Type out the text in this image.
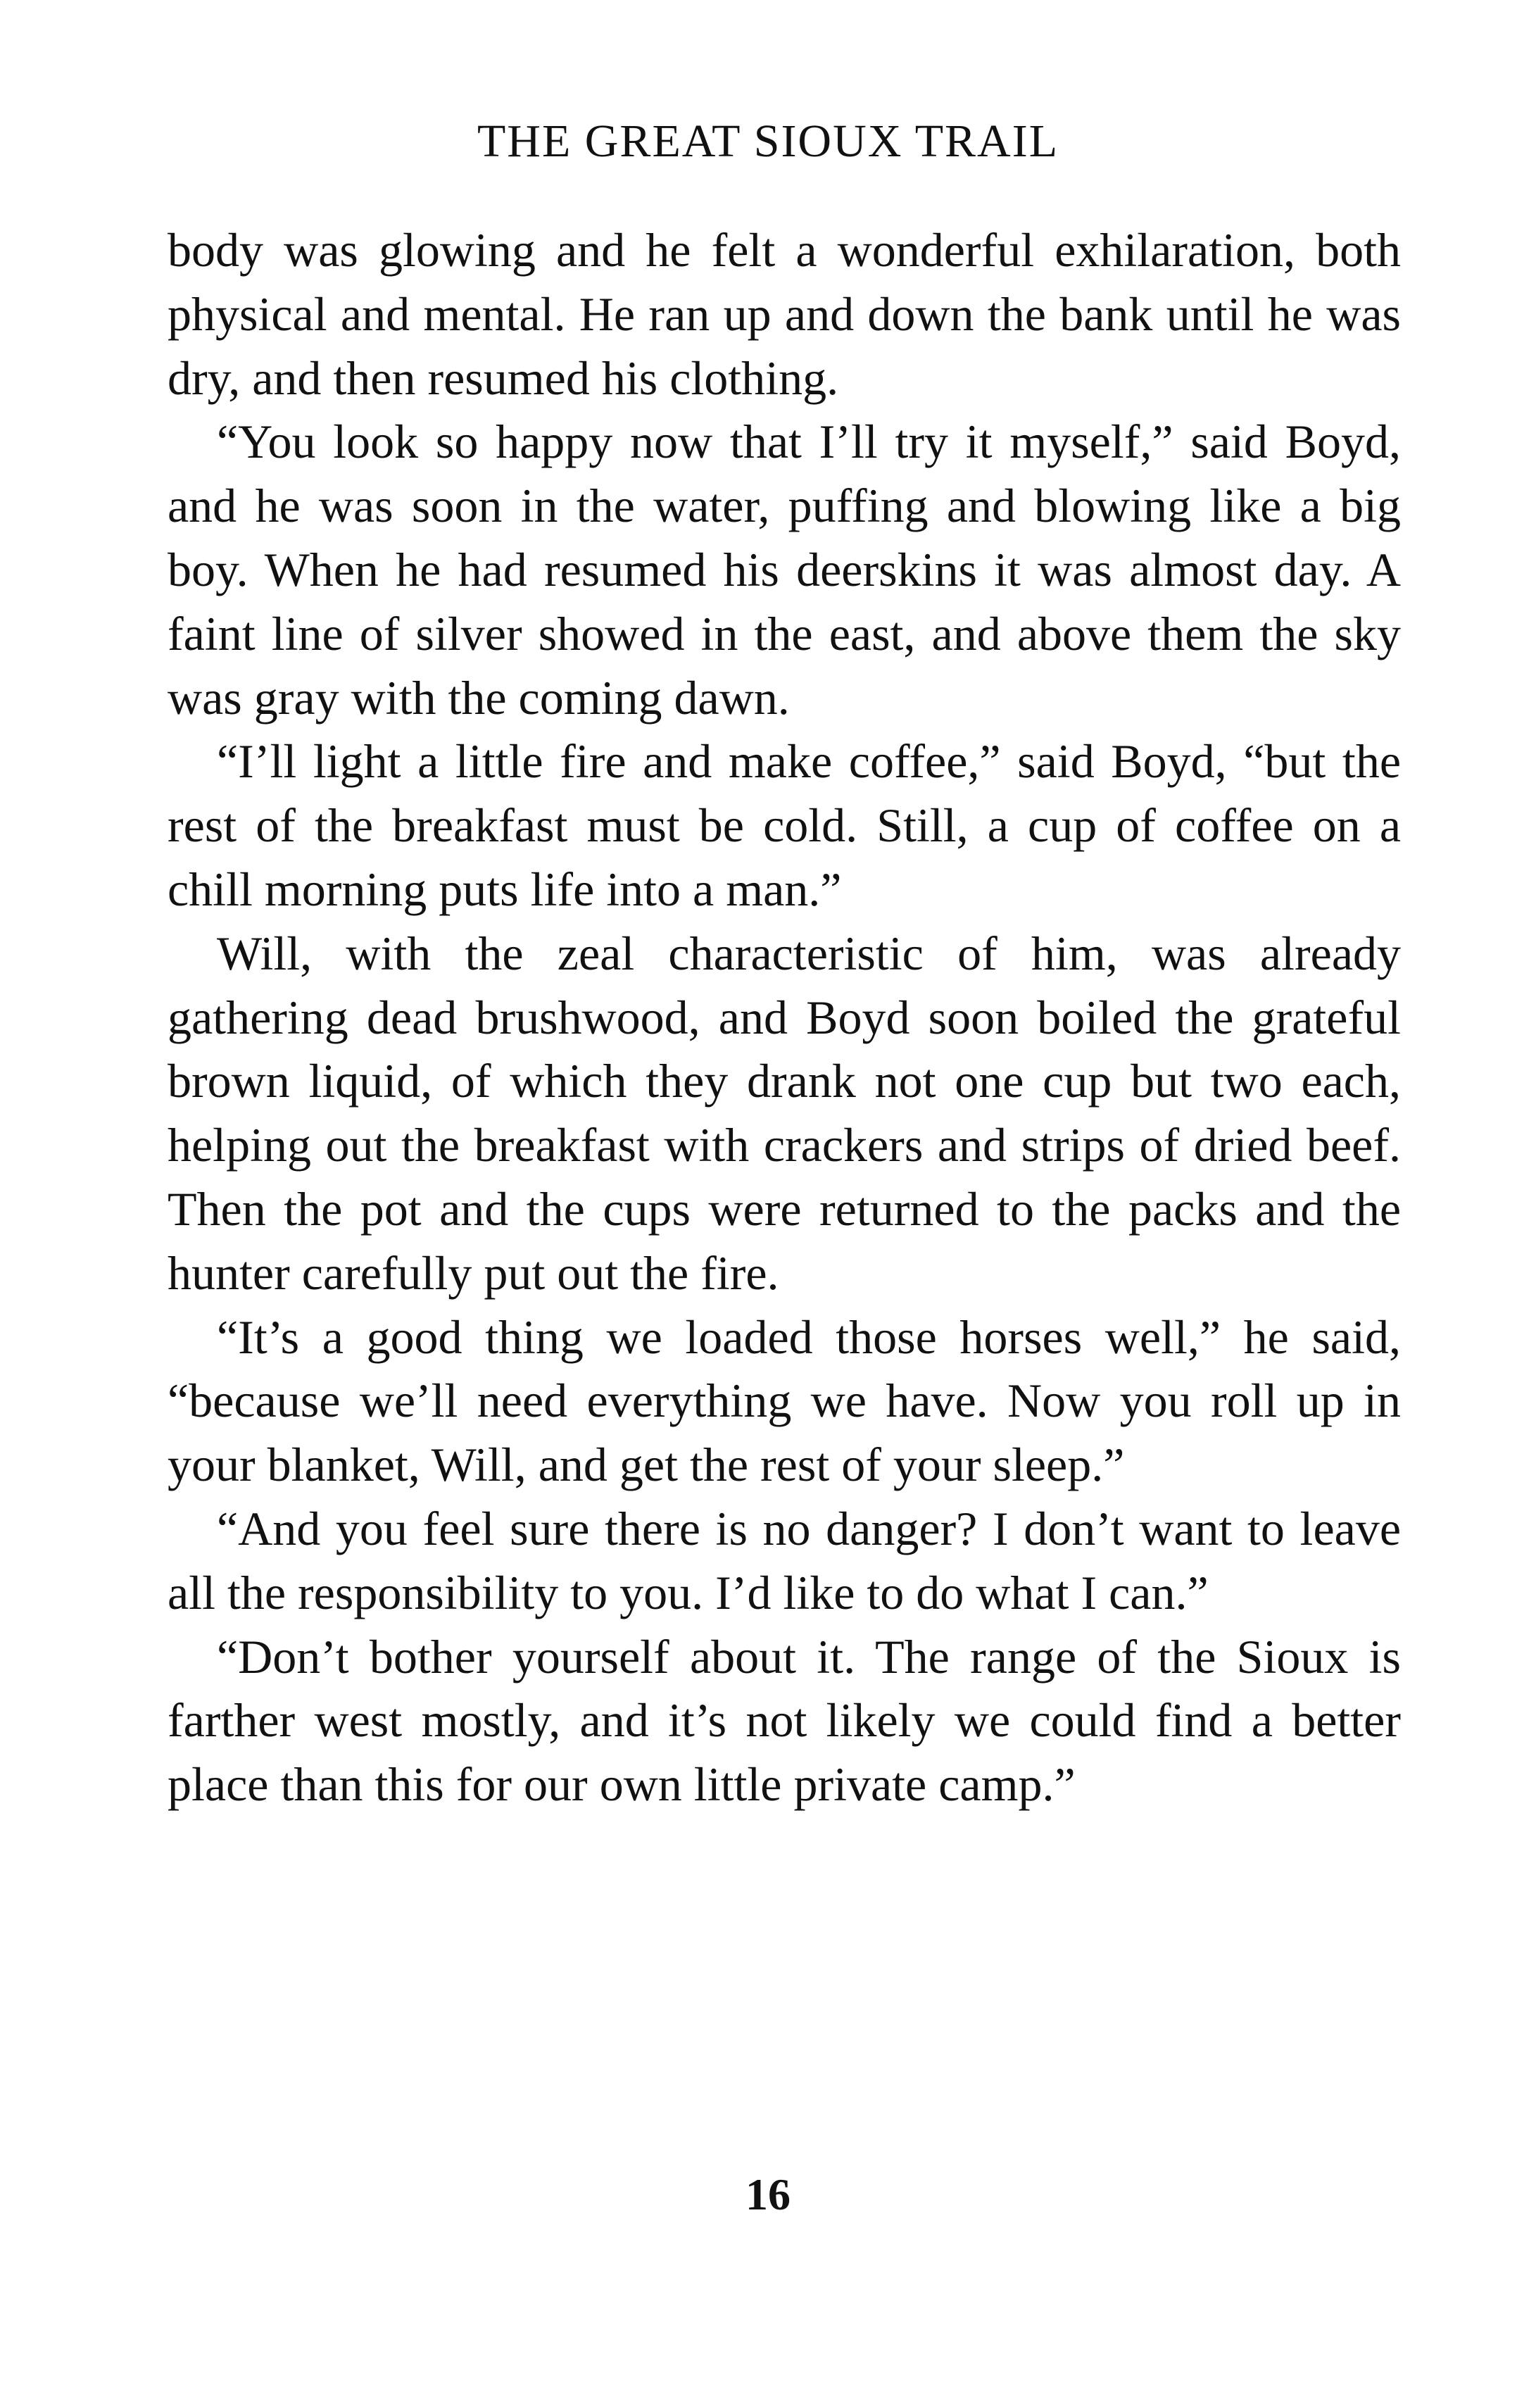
THE GREAT SIOUX TRAIL

body was glowing and he felt a wonderful exhilaration, both physical and mental. He ran up and down the bank until he was dry, and then resumed his clothing.

“You look so happy now that I’ll try it myself,” said Boyd, and he was soon in the water, puffing and blowing like a big boy. When he had resumed his deerskins it was almost day. A faint line of silver showed in the east, and above them the sky was gray with the coming dawn.

“I’ll light a little fire and make coffee,” said Boyd, “but the rest of the breakfast must be cold. Still, a cup of coffee on a chill morning puts life into a man.”

Will, with the zeal characteristic of him, was already gathering dead brushwood, and Boyd soon boiled the grateful brown liquid, of which they drank not one cup but two each, helping out the breakfast with crackers and strips of dried beef. Then the pot and the cups were returned to the packs and the hunter carefully put out the fire.

“It’s a good thing we loaded those horses well,” he said, “because we’ll need everything we have. Now you roll up in your blanket, Will, and get the rest of your sleep.”

“And you feel sure there is no danger? I don’t want to leave all the responsibility to you. I’d like to do what I can.”

“Don’t bother yourself about it. The range of the Sioux is farther west mostly, and it’s not likely we could find a better place than this for our own little private camp.”

16
